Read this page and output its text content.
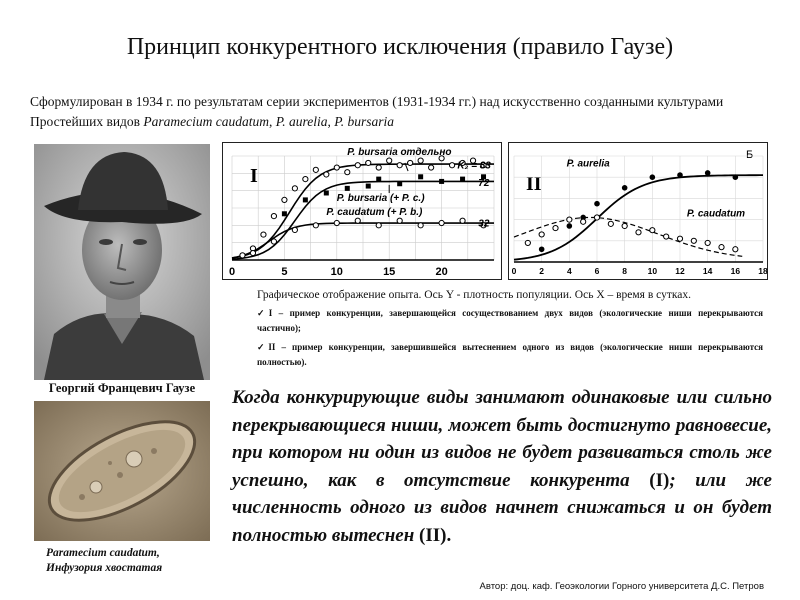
Принцип конкурентного исключения (правило Гаузе)
Сформулирован в 1934 г. по результатам серии экспериментов (1931-1934 гг.) над искусственно созданными культурами Простейших видов Paramecium caudatum, P. aurelia, P. bursaria
Георгий Францевич Гаузе
Paramecium caudatum,
Инфузория хвостатая
I
0	5	10	15	20
P. bursaria отдельно
P. bursaria (+ P. c.)
P. caudatum (+ P. b.)
K₂ = 83
72
32
II
Б
0	2	4	6	8 10 12 14 16 18
P. aurelia
P. caudatum
Графическое отображение опыта. Ось Y - плотность популяции. Ось X – время в сутках.
✓I – пример конкуренции, завершающейся сосуществованием двух видов (экологические ниши перекрываются частично);
✓II – пример конкуренции, завершившейся вытеснением одного из видов (экологические ниши перекрываются полностью).
Когда конкурирующие виды занимают одинаковые или сильно перекрывающиеся ниши, может быть достигнуто равновесие, при котором ни один из видов не будет развиваться столь же успешно, как в отсутствие конкурента (I); или же численность одного из видов начнет снижаться и он будет полностью вытеснен (II).
Автор: доц. каф. Геоэкологии Горного университета Д.С. Петров
